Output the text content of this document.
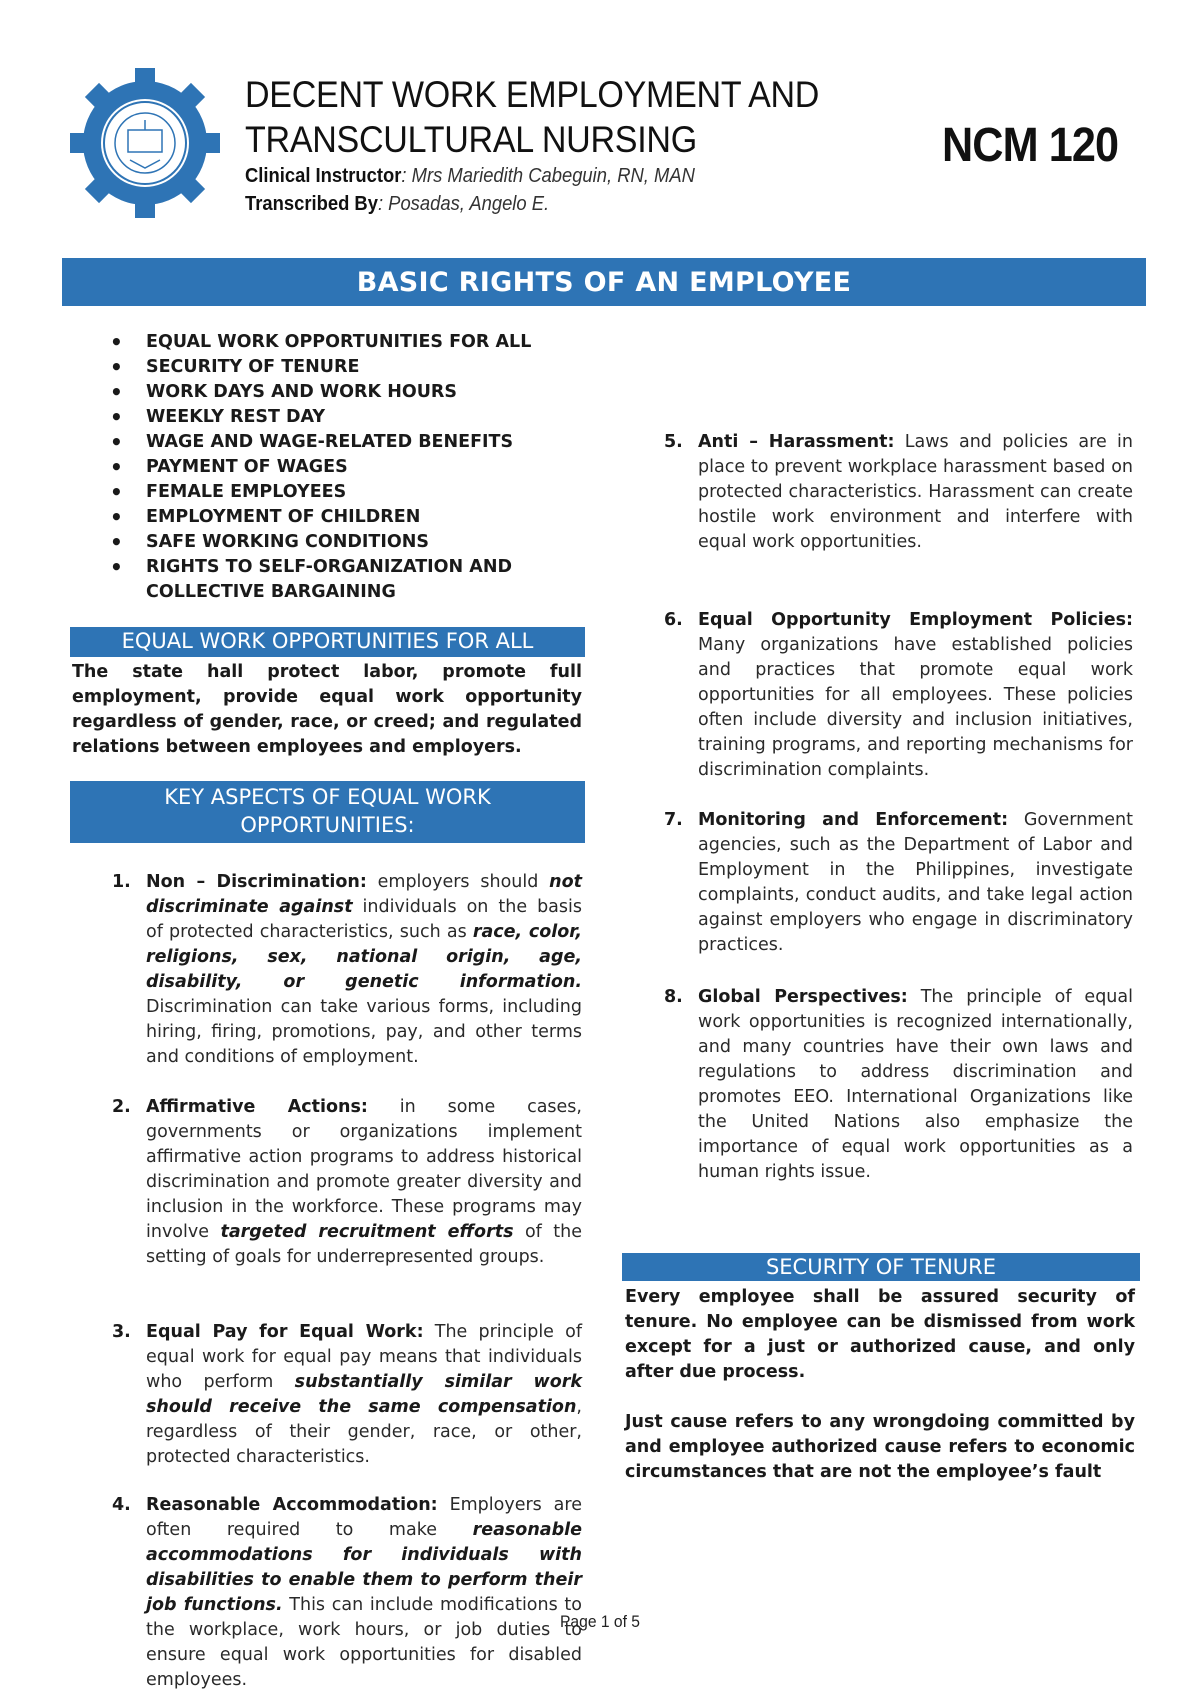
DECENT WORK EMPLOYMENT AND
TRANSCULTURAL NURSING
Clinical Instructor: Mrs Mariedith Cabeguin, RN, MAN
Transcribed By: Posadas, Angelo E.
NCM 120
BASIC RIGHTS OF AN EMPLOYEE
• EQUAL WORK OPPORTUNITIES FOR ALL
• SECURITY OF TENURE
• WORK DAYS AND WORK HOURS
• WEEKLY REST DAY
• WAGE AND WAGE-RELATED BENEFITS
• PAYMENT OF WAGES
• FEMALE EMPLOYEES
• EMPLOYMENT OF CHILDREN
• SAFE WORKING CONDITIONS
• RIGHTS TO SELF-ORGANIZATION AND COLLECTIVE BARGAINING
EQUAL WORK OPPORTUNITIES FOR ALL
The state hall protect labor, promote full employment, provide equal work opportunity regardless of gender, race, or creed; and regulated relations between employees and employers.
KEY ASPECTS OF EQUAL WORK OPPORTUNITIES:
1. Non – Discrimination: employers should not discriminate against individuals on the basis of protected characteristics, such as race, color, religions, sex, national origin, age, disability, or genetic information. Discrimination can take various forms, including hiring, firing, promotions, pay, and other terms and conditions of employment.
2. Affirmative Actions: in some cases, governments or organizations implement affirmative action programs to address historical discrimination and promote greater diversity and inclusion in the workforce. These programs may involve targeted recruitment efforts of the setting of goals for underrepresented groups.
3. Equal Pay for Equal Work: The principle of equal work for equal pay means that individuals who perform substantially similar work should receive the same compensation, regardless of their gender, race, or other, protected characteristics.
4. Reasonable Accommodation: Employers are often required to make reasonable accommodations for individuals with disabilities to enable them to perform their job functions. This can include modifications to the workplace, work hours, or job duties to ensure equal work opportunities for disabled employees.
5. Anti – Harassment: Laws and policies are in place to prevent workplace harassment based on protected characteristics. Harassment can create hostile work environment and interfere with equal work opportunities.
6. Equal Opportunity Employment Policies: Many organizations have established policies and practices that promote equal work opportunities for all employees. These policies often include diversity and inclusion initiatives, training programs, and reporting mechanisms for discrimination complaints.
7. Monitoring and Enforcement: Government agencies, such as the Department of Labor and Employment in the Philippines, investigate complaints, conduct audits, and take legal action against employers who engage in discriminatory practices.
8. Global Perspectives: The principle of equal work opportunities is recognized internationally, and many countries have their own laws and regulations to address discrimination and promotes EEO. International Organizations like the United Nations also emphasize the importance of equal work opportunities as a human rights issue.
SECURITY OF TENURE
Every employee shall be assured security of tenure. No employee can be dismissed from work except for a just or authorized cause, and only after due process.
Just cause refers to any wrongdoing committed by and employee authorized cause refers to economic circumstances that are not the employee’s fault
Page 1 of 5
